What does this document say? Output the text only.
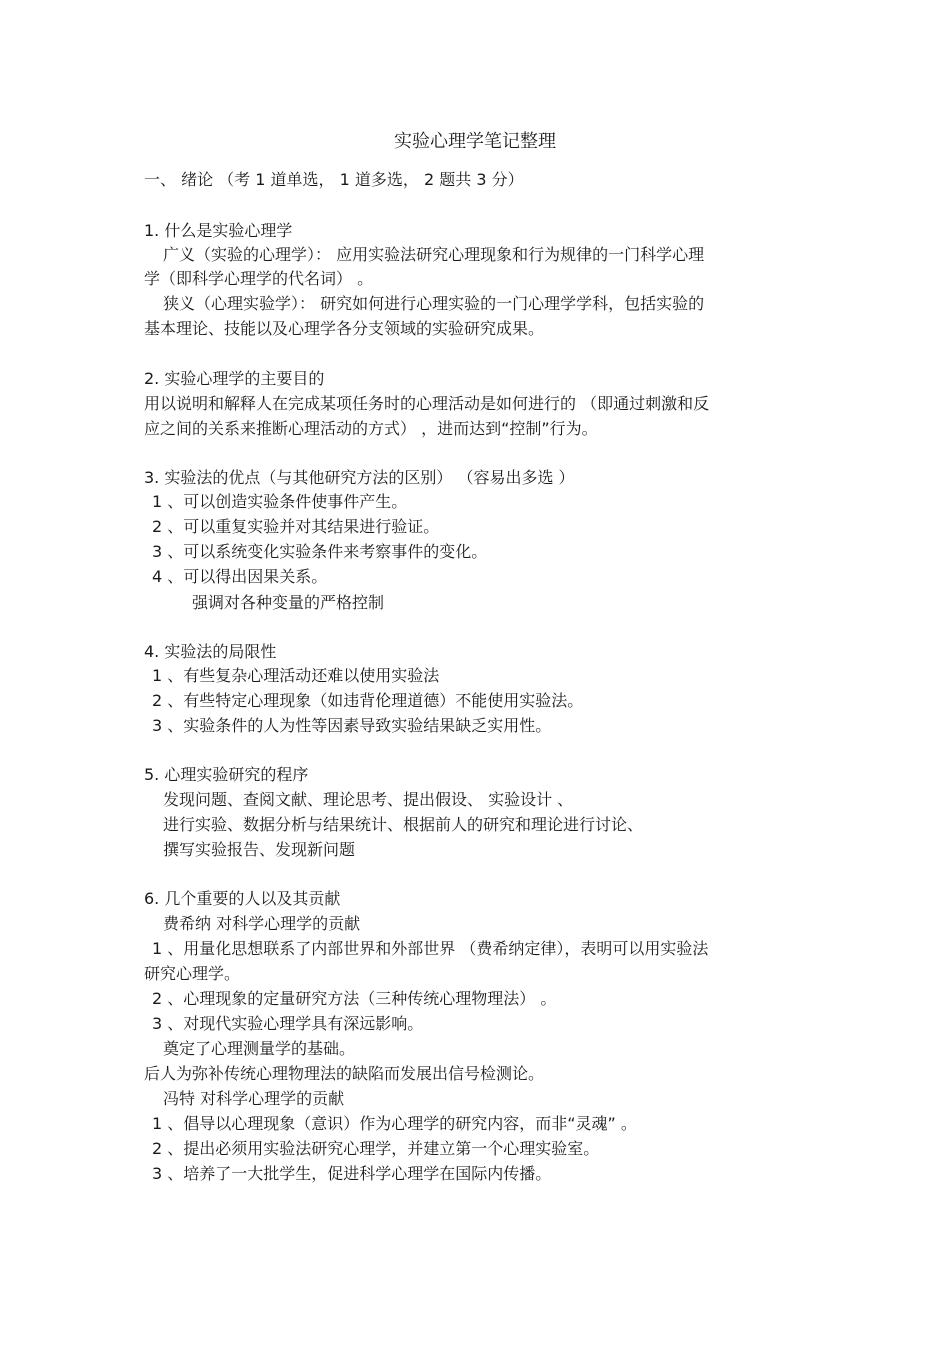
实验心理学笔记整理
一、 绪论 （考 1 道单选， 1 道多选， 2 题共 3 分）
1. 什么是实验心理学
广义（实验的心理学）： 应用实验法研究心理现象和行为规律的一门科学心理
学（即科学心理学的代名词） 。
狭义（心理实验学）： 研究如何进行心理实验的一门心理学学科，包括实验的
基本理论、技能以及心理学各分支领域的实验研究成果。
2. 实验心理学的主要目的
用以说明和解释人在完成某项任务时的心理活动是如何进行的 （即通过刺激和反
应之间的关系来推断心理活动的方式） ，进而达到“控制”行为。
3. 实验法的优点（与其他研究方法的区别） （容易出多选 ）
1 、可以创造实验条件使事件产生。
2 、可以重复实验并对其结果进行验证。
3 、可以系统变化实验条件来考察事件的变化。
4 、可以得出因果关系。
强调对各种变量的严格控制
4. 实验法的局限性
1 、有些复杂心理活动还难以使用实验法
2 、有些特定心理现象（如违背伦理道德）不能使用实验法。
3 、实验条件的人为性等因素导致实验结果缺乏实用性。
5. 心理实验研究的程序
发现问题、查阅文献、理论思考、提出假设、 实验设计 、
进行实验、数据分析与结果统计、根据前人的研究和理论进行讨论、
撰写实验报告、发现新问题
6. 几个重要的人以及其贡献
费希纳 对科学心理学的贡献
1 、用量化思想联系了内部世界和外部世界 （费希纳定律），表明可以用实验法
研究心理学。
2 、心理现象的定量研究方法（三种传统心理物理法） 。
3 、对现代实验心理学具有深远影响。
奠定了心理测量学的基础。
后人为弥补传统心理物理法的缺陷而发展出信号检测论。
冯特 对科学心理学的贡献
1 、倡导以心理现象（意识）作为心理学的研究内容，而非“灵魂” 。
2 、提出必须用实验法研究心理学，并建立第一个心理实验室。
3 、培养了一大批学生，促进科学心理学在国际内传播。
